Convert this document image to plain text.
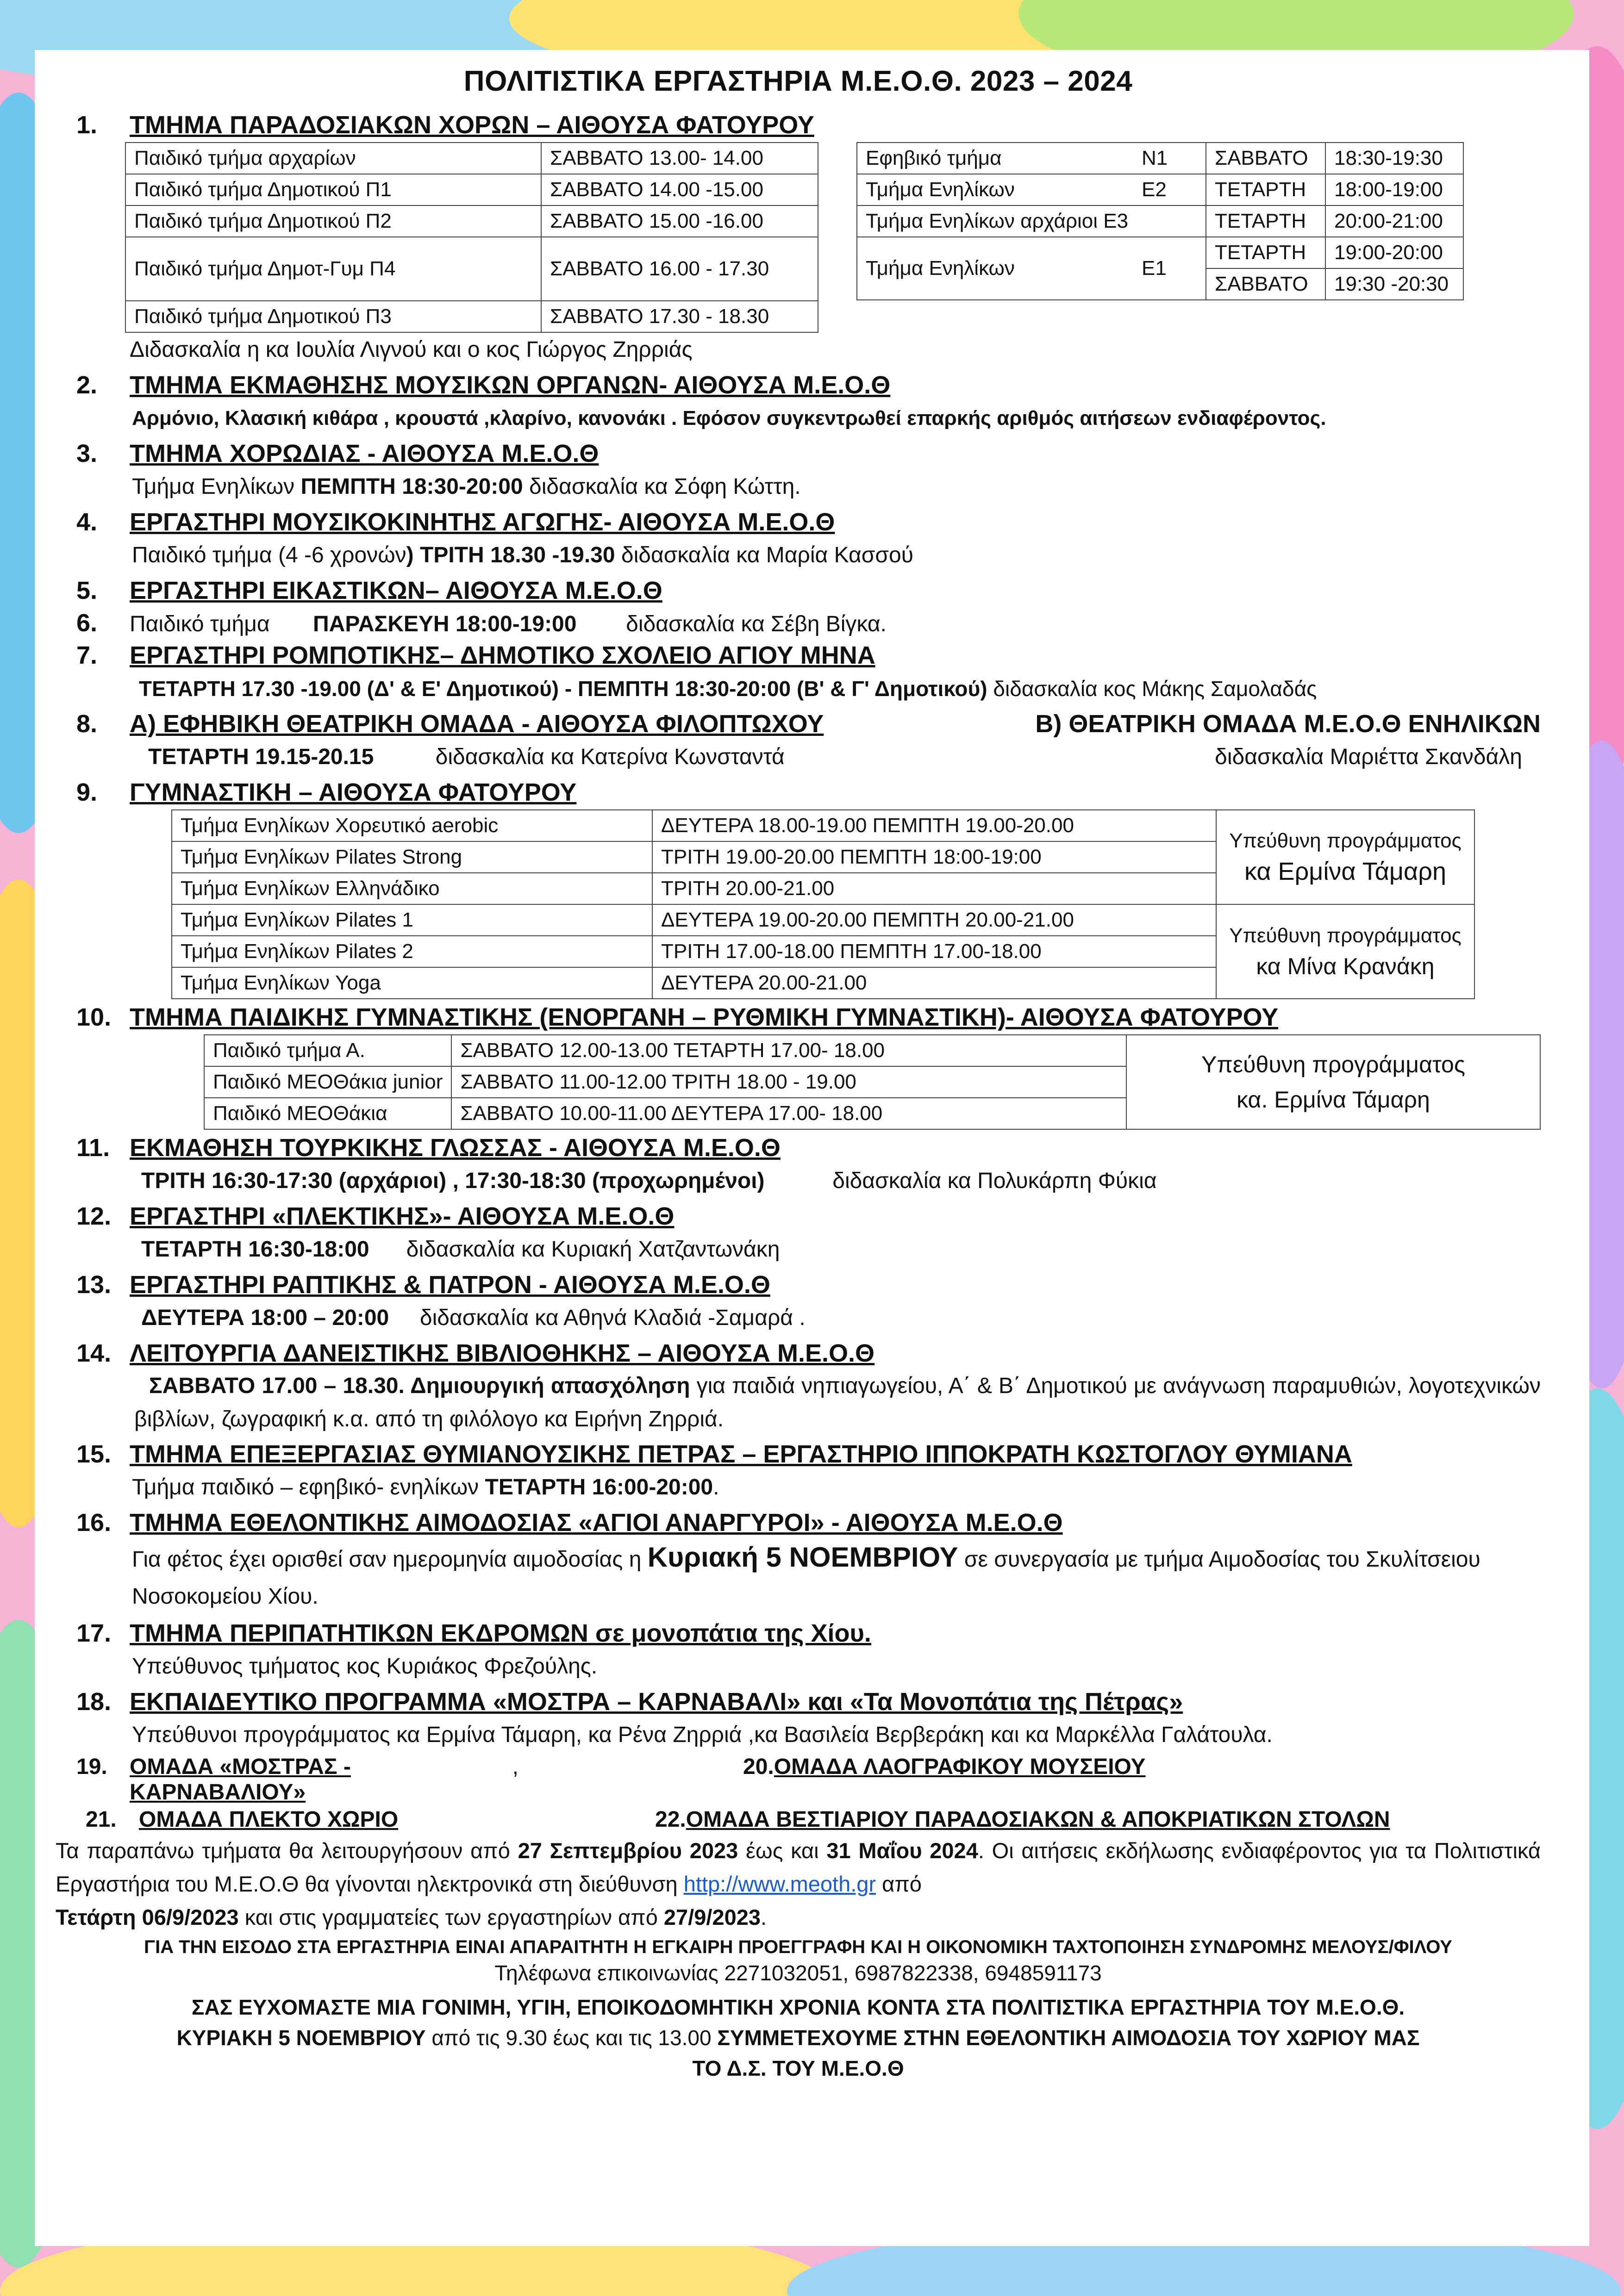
ΠΟΛΙΤΙΣΤΙΚΑ ΕΡΓΑΣΤΗΡΙΑ Μ.Ε.Ο.Θ. 2023 – 2024
1.	ΤΜΗΜΑ ΠΑΡΑΔΟΣΙΑΚΩΝ ΧΟΡΩΝ – ΑΙΘΟΥΣΑ ΦΑΤΟΥΡΟΥ
Παιδικό τμήμα αρχαρίων	ΣΑΒΒΑΤΟ 13.00- 14.00
Παιδικό τμήμα Δημοτικού Π1	ΣΑΒΒΑΤΟ 14.00 -15.00
Παιδικό τμήμα Δημοτικού Π2	ΣΑΒΒΑΤΟ 15.00 -16.00
Παιδικό τμήμα Δημοτ-Γυμ Π4	ΣΑΒΒΑΤΟ 16.00 - 17.30
Παιδικό τμήμα Δημοτικού Π3	ΣΑΒΒΑΤΟ 17.30 - 18.30
Εφηβικό τμήμα	Ν1	ΣΑΒΒΑΤΟ	18:30-19:30
Τμήμα Ενηλίκων	Ε2	ΤΕΤΑΡΤΗ	18:00-19:00
Τμήμα Ενηλίκων αρχάριοι Ε3		ΤΕΤΑΡΤΗ	20:00-21:00
Τμήμα Ενηλίκων	Ε1	ΤΕΤΑΡΤΗ	19:00-20:00
		ΣΑΒΒΑΤΟ	19:30 -20:30
Διδασκαλία η κα Ιουλία Λιγνού και ο κος Γιώργος Ζηρριάς
2.	ΤΜΗΜΑ ΕΚΜΑΘΗΣΗΣ ΜΟΥΣΙΚΩΝ ΟΡΓΑΝΩΝ- ΑΙΘΟΥΣΑ Μ.Ε.Ο.Θ
Αρμόνιο, Κλασική κιθάρα , κρουστά ,κλαρίνο, κανονάκι . Εφόσον συγκεντρωθεί επαρκής αριθμός αιτήσεων ενδιαφέροντος.
3.	ΤΜΗΜΑ ΧΟΡΩΔΙΑΣ - ΑΙΘΟΥΣΑ Μ.Ε.Ο.Θ
Τμήμα Ενηλίκων ΠΕΜΠΤΗ 18:30-20:00 διδασκαλία κα Σόφη Κώττη.
4.	ΕΡΓΑΣΤΗΡΙ ΜΟΥΣΙΚΟΚΙΝΗΤΗΣ ΑΓΩΓΗΣ- ΑΙΘΟΥΣΑ Μ.Ε.Ο.Θ
Παιδικό τμήμα (4 -6 χρονών) ΤΡΙΤΗ 18.30 -19.30 διδασκαλία κα Μαρία Κασσού
5.	ΕΡΓΑΣΤΗΡΙ ΕΙΚΑΣΤΙΚΩΝ– ΑΙΘΟΥΣΑ Μ.Ε.Ο.Θ
6.	Παιδικό τμήμα ΠΑΡΑΣΚΕΥΗ 18:00-19:00 διδασκαλία κα Σέβη Βίγκα.
7.	ΕΡΓΑΣΤΗΡΙ ΡΟΜΠΟΤΙΚΗΣ– ΔΗΜΟΤΙΚΟ ΣΧΟΛΕΙΟ ΑΓΙΟΥ ΜΗΝΑ
ΤΕΤΑΡΤΗ 17.30 -19.00 (Δ' & Ε' Δημοτικού) - ΠΕΜΠΤΗ 18:30-20:00 (Β' & Γ' Δημοτικού) διδασκαλία κος Μάκης Σαμολαδάς
8.	Α) ΕΦΗΒΙΚΗ ΘΕΑΤΡΙΚΗ ΟΜΑΔΑ - ΑΙΘΟΥΣΑ ΦΙΛΟΠΤΩΧΟΥ	Β) ΘΕΑΤΡΙΚΗ ΟΜΑΔΑ Μ.Ε.Ο.Θ ΕΝΗΛΙΚΩΝ
ΤΕΤΑΡΤΗ 19.15-20.15	διδασκαλία κα Κατερίνα Κωνσταντά	διδασκαλία Μαριέττα Σκανδάλη
9.	ΓΥΜΝΑΣΤΙΚΗ – ΑΙΘΟΥΣΑ ΦΑΤΟΥΡΟΥ
Τμήμα Ενηλίκων Χορευτικό aerobic	ΔΕΥΤΕΡΑ 18.00-19.00 ΠΕΜΠΤΗ 19.00-20.00	Υπεύθυνη προγράμματος
κα Ερμίνα Τάμαρη
Τμήμα Ενηλίκων Pilates Strong	ΤΡΙΤΗ 19.00-20.00 ΠΕΜΠΤΗ 18:00-19:00	
Τμήμα Ενηλίκων Ελληνάδικο	ΤΡΙΤΗ 20.00-21.00	
Τμήμα Ενηλίκων Pilates 1	ΔΕΥΤΕΡΑ 19.00-20.00 ΠΕΜΠΤΗ 20.00-21.00	Υπεύθυνη προγράμματος
κα Μίνα Κρανάκη
Τμήμα Ενηλίκων Pilates 2	ΤΡΙΤΗ 17.00-18.00 ΠΕΜΠΤΗ 17.00-18.00	
Τμήμα Ενηλίκων Yoga	ΔΕΥΤΕΡΑ 20.00-21.00	
10. ΤΜΗΜΑ ΠΑΙΔΙΚΗΣ ΓΥΜΝΑΣΤΙΚΗΣ (ΕΝΟΡΓΑΝΗ – ΡΥΘΜΙΚΗ ΓΥΜΝΑΣΤΙΚΗ)- ΑΙΘΟΥΣΑ ΦΑΤΟΥΡΟΥ
Παιδικό τμήμα Α.	ΣΑΒΒΑΤΟ 12.00-13.00 ΤΕΤΑΡΤΗ 17.00- 18.00	Υπεύθυνη προγράμματος
κα. Ερμίνα Τάμαρη
Παιδικό ΜΕΟΘάκια junior	ΣΑΒΒΑΤΟ 11.00-12.00 ΤΡΙΤΗ 18.00 - 19.00	
Παιδικό ΜΕΟΘάκια	ΣΑΒΒΑΤΟ 10.00-11.00 ΔΕΥΤΕΡΑ 17.00- 18.00	
11. ΕΚΜΑΘΗΣΗ ΤΟΥΡΚΙΚΗΣ ΓΛΩΣΣΑΣ - ΑΙΘΟΥΣΑ Μ.Ε.Ο.Θ
ΤΡΙΤΗ 16:30-17:30 (αρχάριοι) , 17:30-18:30 (προχωρημένοι)	διδασκαλία κα Πολυκάρπη Φύκια
12. ΕΡΓΑΣΤΗΡΙ «ΠΛΕΚΤΙΚΗΣ»- ΑΙΘΟΥΣΑ Μ.Ε.Ο.Θ
ΤΕΤΑΡΤΗ 16:30-18:00 διδασκαλία κα Κυριακή Χατζαντωνάκη
13. ΕΡΓΑΣΤΗΡΙ ΡΑΠΤΙΚΗΣ & ΠΑΤΡΟΝ - ΑΙΘΟΥΣΑ Μ.Ε.Ο.Θ
ΔΕΥΤΕΡΑ 18:00 – 20:00 διδασκαλία κα Αθηνά Κλαδιά -Σαμαρά .
14. ΛΕΙΤΟΥΡΓΙΑ ΔΑΝΕΙΣΤΙΚΗΣ ΒΙΒΛΙΟΘΗΚΗΣ – ΑΙΘΟΥΣΑ Μ.Ε.Ο.Θ
ΣΑΒΒΑΤΟ 17.00 – 18.30. Δημιουργική απασχόληση για παιδιά νηπιαγωγείου, Α΄ & Β΄ Δημοτικού με ανάγνωση παραμυθιών, λογοτεχνικών βιβλίων, ζωγραφική κ.α. από τη φιλόλογο κα Ειρήνη Ζηρριά.
15. ΤΜΗΜΑ ΕΠΕΞΕΡΓΑΣΙΑΣ ΘΥΜΙΑΝΟΥΣΙΚΗΣ ΠΕΤΡΑΣ – ΕΡΓΑΣΤΗΡΙΟ ΙΠΠΟΚΡΑΤΗ ΚΩΣΤΟΓΛΟΥ ΘΥΜΙΑΝΑ
Τμήμα παιδικό – εφηβικό- ενηλίκων ΤΕΤΑΡΤΗ 16:00-20:00.
16. ΤΜΗΜΑ ΕΘΕΛΟΝΤΙΚΗΣ ΑΙΜΟΔΟΣΙΑΣ «ΑΓΙΟΙ ΑΝΑΡΓΥΡΟΙ» - ΑΙΘΟΥΣΑ Μ.Ε.Ο.Θ
Για φέτος έχει ορισθεί σαν ημερομηνία αιμοδοσίας η Κυριακή 5 ΝΟΕΜΒΡΙΟΥ σε συνεργασία με τμήμα Αιμοδοσίας του Σκυλίτσειου Νοσοκομείου Χίου.
17. ΤΜΗΜΑ ΠΕΡΙΠΑΤΗΤΙΚΩΝ ΕΚΔΡΟΜΩΝ σε μονοπάτια της Χίου.
Υπεύθυνος τμήματος κος Κυριάκος Φρεζούλης.
18. ΕΚΠΑΙΔΕΥΤΙΚΟ ΠΡΟΓΡΑΜΜΑ «ΜΟΣΤΡΑ – ΚΑΡΝΑΒΑΛΙ» και «Τα Μονοπάτια της Πέτρας»
Υπεύθυνοι προγράμματος κα Ερμίνα Τάμαρη, κα Ρένα Ζηρριά ,κα Βασιλεία Βερβεράκη και κα Μαρκέλλα Γαλάτουλα.
19.	ΟΜΑΔΑ «ΜΟΣΤΡΑΣ - ΚΑΡΝΑΒΑΛΙΟΥ»
,	20.ΟΜΑΔΑ ΛΑΟΓΡΑΦΙΚΟΥ ΜΟΥΣΕΙΟΥ
21.	ΟΜΑΔΑ ΠΛΕΚΤΟ ΧΩΡΙΟ	22.ΟΜΑΔΑ ΒΕΣΤΙΑΡΙΟΥ ΠΑΡΑΔΟΣΙΑΚΩΝ & ΑΠΟΚΡΙΑΤΙΚΩΝ ΣΤΟΛΩΝ
Τα παραπάνω τμήματα θα λειτουργήσουν από 27 Σεπτεμβρίου 2023 έως και 31 Μαΐου 2024. Οι αιτήσεις εκδήλωσης ενδιαφέροντος για τα Πολιτιστικά Εργαστήρια του Μ.Ε.Ο.Θ θα γίνονται ηλεκτρονικά στη διεύθυνση http://www.meoth.gr από
Τετάρτη 06/9/2023 και στις γραμματείες των εργαστηρίων από 27/9/2023.
ΓΙΑ ΤΗΝ ΕΙΣΟΔΟ ΣΤΑ ΕΡΓΑΣΤΗΡΙΑ ΕΙΝΑΙ ΑΠΑΡΑΙΤΗΤΗ Η ΕΓΚΑΙΡΗ ΠΡΟΕΓΓΡΑΦΗ ΚΑΙ Η ΟΙΚΟΝΟΜΙΚΗ ΤΑΧΤΟΠΟΙΗΣΗ ΣΥΝΔΡΟΜΗΣ ΜΕΛΟΥΣ/ΦΙΛΟΥ
Τηλέφωνα επικοινωνίας 2271032051, 6987822338, 6948591173
ΣΑΣ ΕΥΧΟΜΑΣΤΕ ΜΙΑ ΓΟΝΙΜΗ, ΥΓΙΗ, ΕΠΟΙΚΟΔΟΜΗΤΙΚΗ ΧΡΟΝΙΑ ΚΟΝΤΑ ΣΤΑ ΠΟΛΙΤΙΣΤΙΚΑ ΕΡΓΑΣΤΗΡΙΑ ΤΟΥ Μ.Ε.Ο.Θ.
ΚΥΡΙΑΚΗ 5 ΝΟΕΜΒΡΙΟΥ από τις 9.30 έως και τις 13.00 ΣΥΜΜΕΤΕΧΟΥΜΕ ΣΤΗΝ ΕΘΕΛΟΝΤΙΚΗ ΑΙΜΟΔΟΣΙΑ ΤΟΥ ΧΩΡΙΟΥ ΜΑΣ
ΤΟ Δ.Σ. ΤΟΥ Μ.Ε.Ο.Θ
